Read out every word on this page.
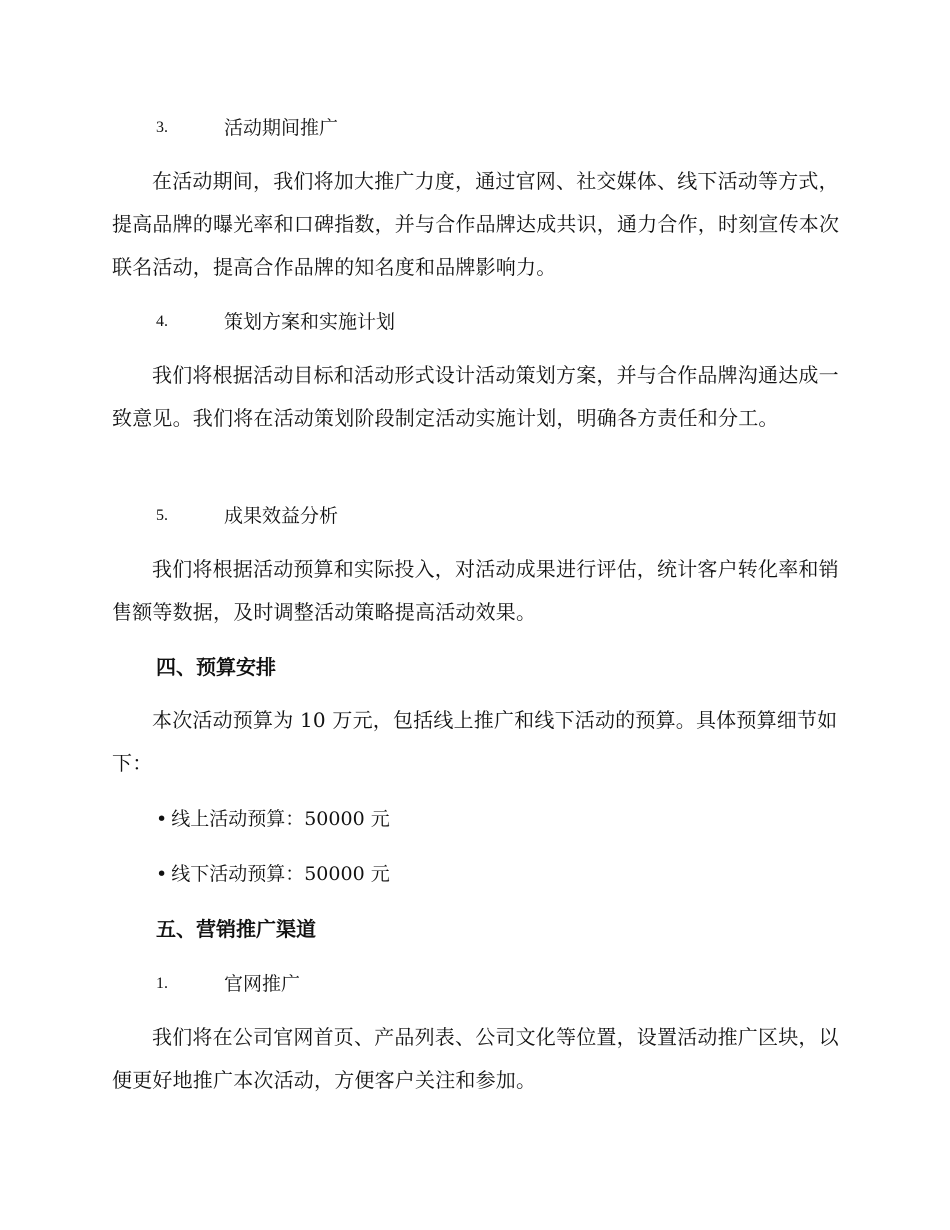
3.	活动期间推广

在活动期间，我们将加大推广力度，通过官网、社交媒体、线下活动等方式，提高品牌的曝光率和口碑指数，并与合作品牌达成共识，通力合作，时刻宣传本次联名活动，提高合作品牌的知名度和品牌影响力。

4.	策划方案和实施计划

我们将根据活动目标和活动形式设计活动策划方案，并与合作品牌沟通达成一致意见。我们将在活动策划阶段制定活动实施计划，明确各方责任和分工。

5.	成果效益分析

我们将根据活动预算和实际投入，对活动成果进行评估，统计客户转化率和销售额等数据，及时调整活动策略提高活动效果。

四、预算安排

本次活动预算为 10 万元，包括线上推广和线下活动的预算。具体预算细节如下：

• 线上活动预算：50000 元
• 线下活动预算：50000 元
五、营销推广渠道
1.	官网推广

我们将在公司官网首页、产品列表、公司文化等位置，设置活动推广区块，以便更好地推广本次活动，方便客户关注和参加。
